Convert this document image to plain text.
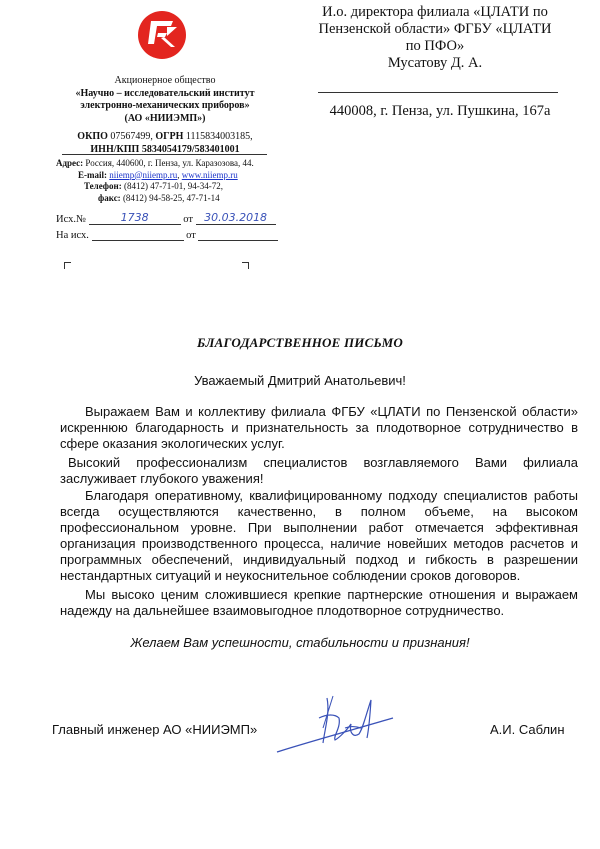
Акционерное общество
«Научно – исследовательский институт
электронно-механических приборов»
(АО «НИИЭМП»)
ОКПО 07567499, ОГРН 1115834003185,
ИНН/КПП 5834054179/583401001
Адрес: Россия, 440600, г. Пенза, ул. Каразозова, 44.
E-mail: niiemp@niiemp.ru, www.niiemp.ru
Телефон: (8412) 47-71-01, 94-34-72,
факс: (8412) 94-58-25, 47-71-14
Исх.№	1738	от	30.03.2018
На исх.	от
И.о. директора филиала «ЦЛАТИ по
Пензенской области» ФГБУ «ЦЛАТИ
по ПФО»
Мусатову Д. А.
440008, г. Пенза, ул. Пушкина, 167а
БЛАГОДАРСТВЕННОЕ ПИСЬМО
Уважаемый Дмитрий Анатольевич!
Выражаем Вам и коллективу филиала ФГБУ «ЦЛАТИ по Пензенской области» искреннюю благодарность и признательность за плодотворное сотрудничество в сфере оказания экологических услуг.
Высокий профессионализм специалистов возглавляемого Вами филиала заслуживает глубокого уважения!
Благодаря оперативному, квалифицированному подходу специалистов работы всегда осуществляются качественно, в полном объеме, на высоком профессиональном уровне. При выполнении работ отмечается эффективная организация производственного процесса, наличие новейших методов расчетов и программных обеспечений, индивидуальный подход и гибкость в разрешении нестандартных ситуаций и неукоснительное соблюдении сроков договоров.
Мы высоко ценим сложившиеся крепкие партнерские отношения и выражаем надежду на дальнейшее взаимовыгодное плодотворное сотрудничество.
Желаем Вам успешности, стабильности и признания!
Главный инженер АО «НИИЭМП»	А.И. Саблин
